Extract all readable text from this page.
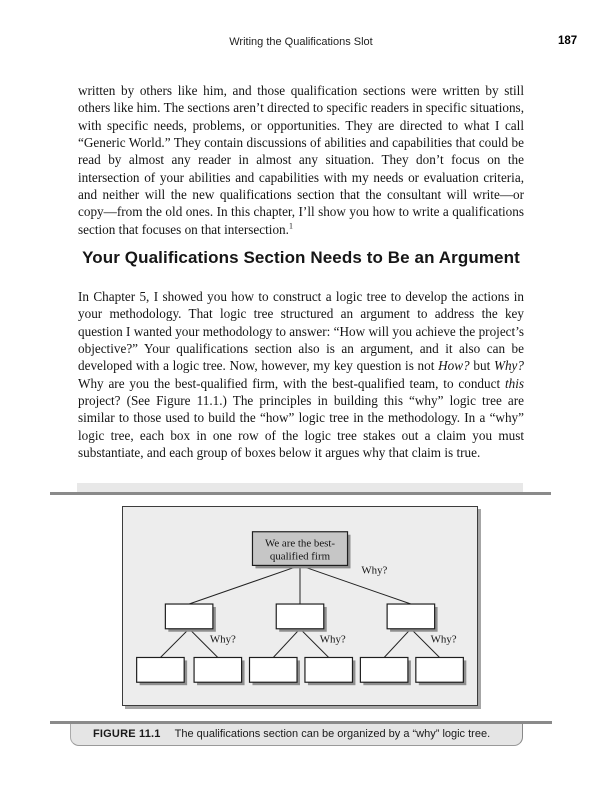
Writing the Qualifications Slot	187

written by others like him, and those qualification sections were written by still others like him. The sections aren’t directed to specific readers in specific situations, with specific needs, problems, or opportunities. They are directed to what I call “Generic World.” They contain discussions of abilities and capabilities that could be read by almost any reader in almost any situation. They don’t focus on the intersection of your abilities and capabilities with my needs or evaluation criteria, and neither will the new qualifications section that the consultant will write—or copy—from the old ones. In this chapter, I’ll show you how to write a qualifications section that focuses on that intersection.$^1$

Your Qualifications Section Needs to Be an Argument

In Chapter 5, I showed you how to construct a logic tree to develop the actions in your methodology. That logic tree structured an argument to address the key question I wanted your methodology to answer: “How will you achieve the project’s objective?” Your qualifications section also is an argument, and it also can be developed with a logic tree. Now, however, my key question is not How? but Why? Why are you the best-qualified firm, with the best-qualified team, to conduct this project? (See Figure 11.1.) The principles in building this “why” logic tree are similar to those used to build the “how” logic tree in the methodology. In a “why” logic tree, each box in one row of the logic tree stakes out a claim you must substantiate, and each group of boxes below it argues why that claim is true.

We are the best-
qualified firm
Why?
Why?	Why?	Why?
FIGURE 11.1 The qualifications section can be organized by a “why” logic tree.
